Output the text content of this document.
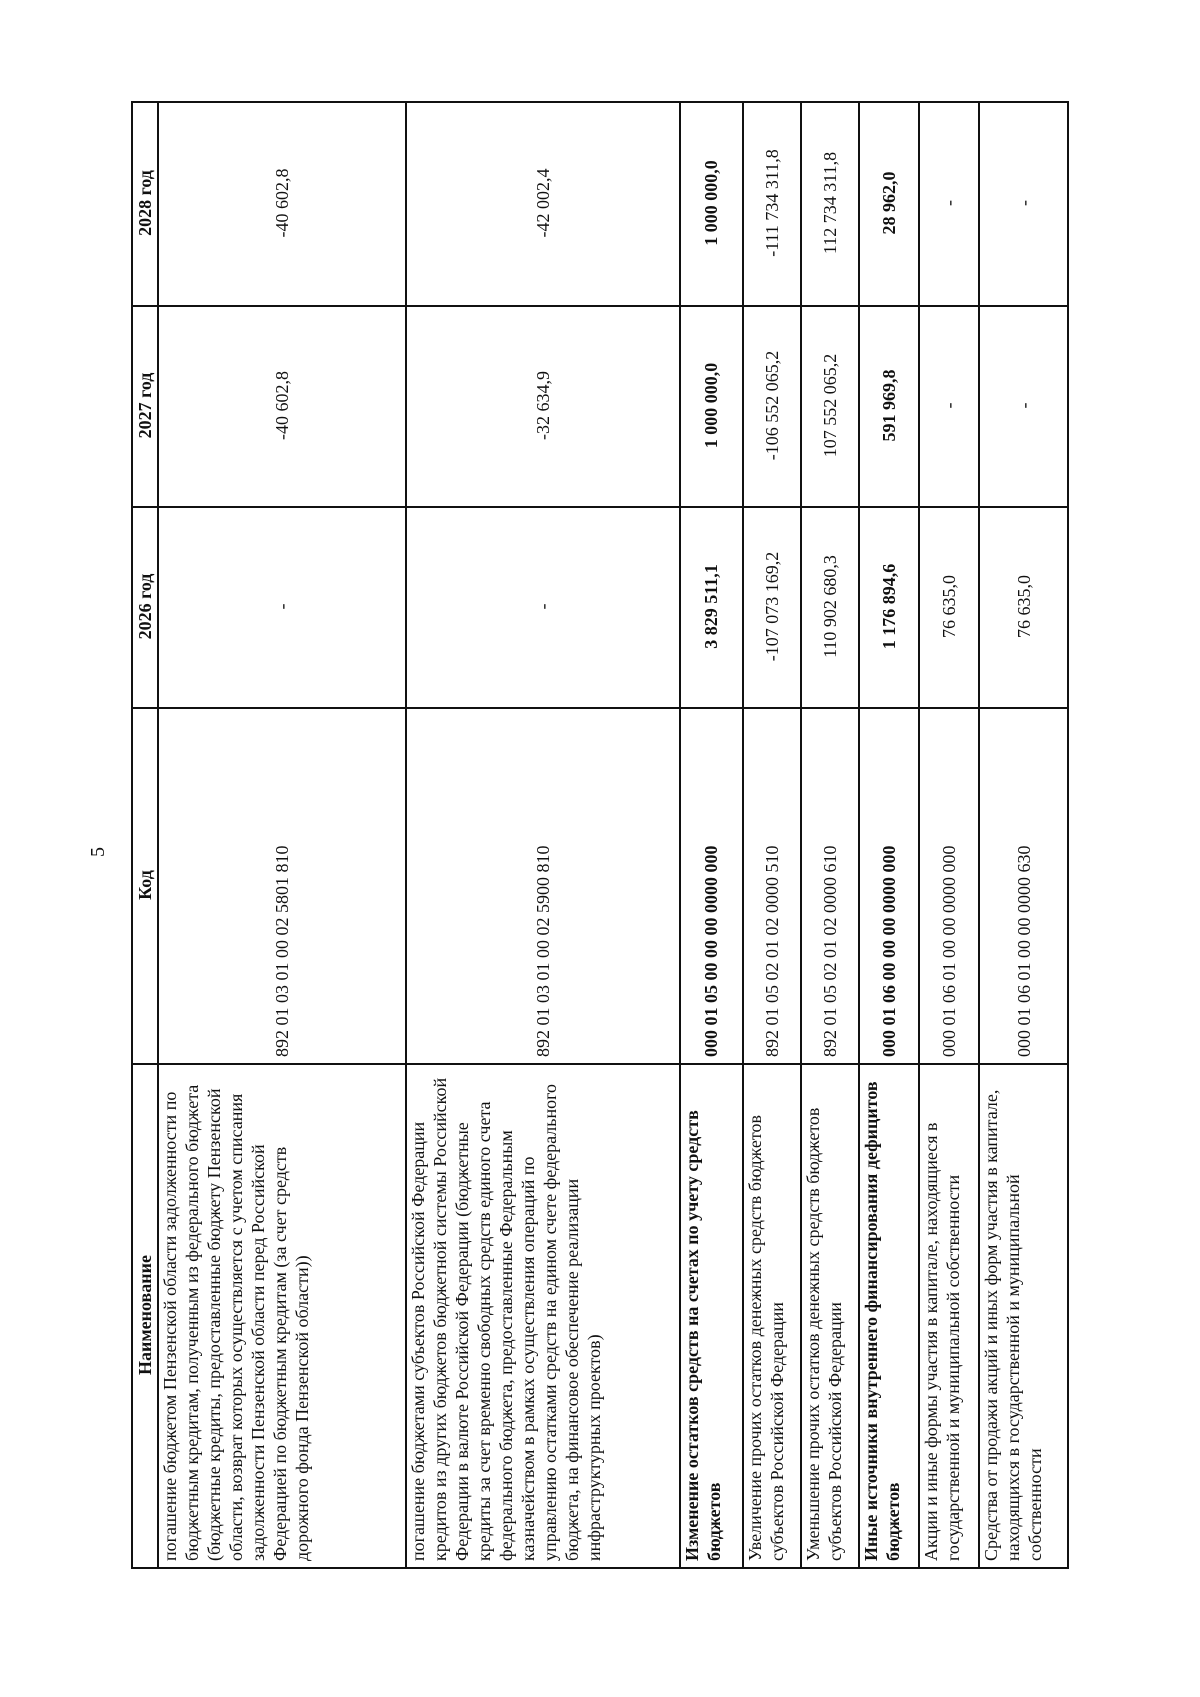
5
Наименование	Код	2026 год	2027 год	2028 год
погашение бюджетом Пензенской области задолженности по бюджетным кредитам, полученным из федерального бюджета (бюджетные кредиты, предоставленные бюджету Пензенской области, возврат которых осуществляется с учетом списания задолженности Пензенской области перед Российской Федерацией по бюджетным кредитам (за счет средств дорожного фонда Пензенской области))	892 01 03 01 00 02 5801 810	-	-40 602,8	-40 602,8
погашение бюджетами субъектов Российской Федерации кредитов из других бюджетов бюджетной системы Российской Федерации в валюте Российской Федерации (бюджетные кредиты за счет временно свободных средств единого счета федерального бюджета, предоставленные Федеральным казначейством в рамках осуществления операций по управлению остатками средств на едином счете федерального бюджета, на финансовое обеспечение реализации инфраструктурных проектов)	892 01 03 01 00 02 5900 810	-	-32 634,9	-42 002,4
Изменение остатков средств на счетах по учету средств бюджетов	000 01 05 00 00 00 0000 000	3 829 511,1	1 000 000,0	1 000 000,0
Увеличение прочих остатков денежных средств бюджетов субъектов Российской Федерации	892 01 05 02 01 02 0000 510	-107 073 169,2	-106 552 065,2	-111 734 311,8
Уменьшение прочих остатков денежных средств бюджетов субъектов Российской Федерации	892 01 05 02 01 02 0000 610	110 902 680,3	107 552 065,2	112 734 311,8
Иные источники внутреннего финансирования дефицитов бюджетов	000 01 06 00 00 00 0000 000	1 176 894,6	591 969,8	28 962,0
Акции и иные формы участия в капитале, находящиеся в государственной и муниципальной собственности	000 01 06 01 00 00 0000 000	76 635,0	-	-
Средства от продажи акций и иных форм участия в капитале, находящихся в государственной и муниципальной собственности	000 01 06 01 00 00 0000 630	76 635,0	-	-
